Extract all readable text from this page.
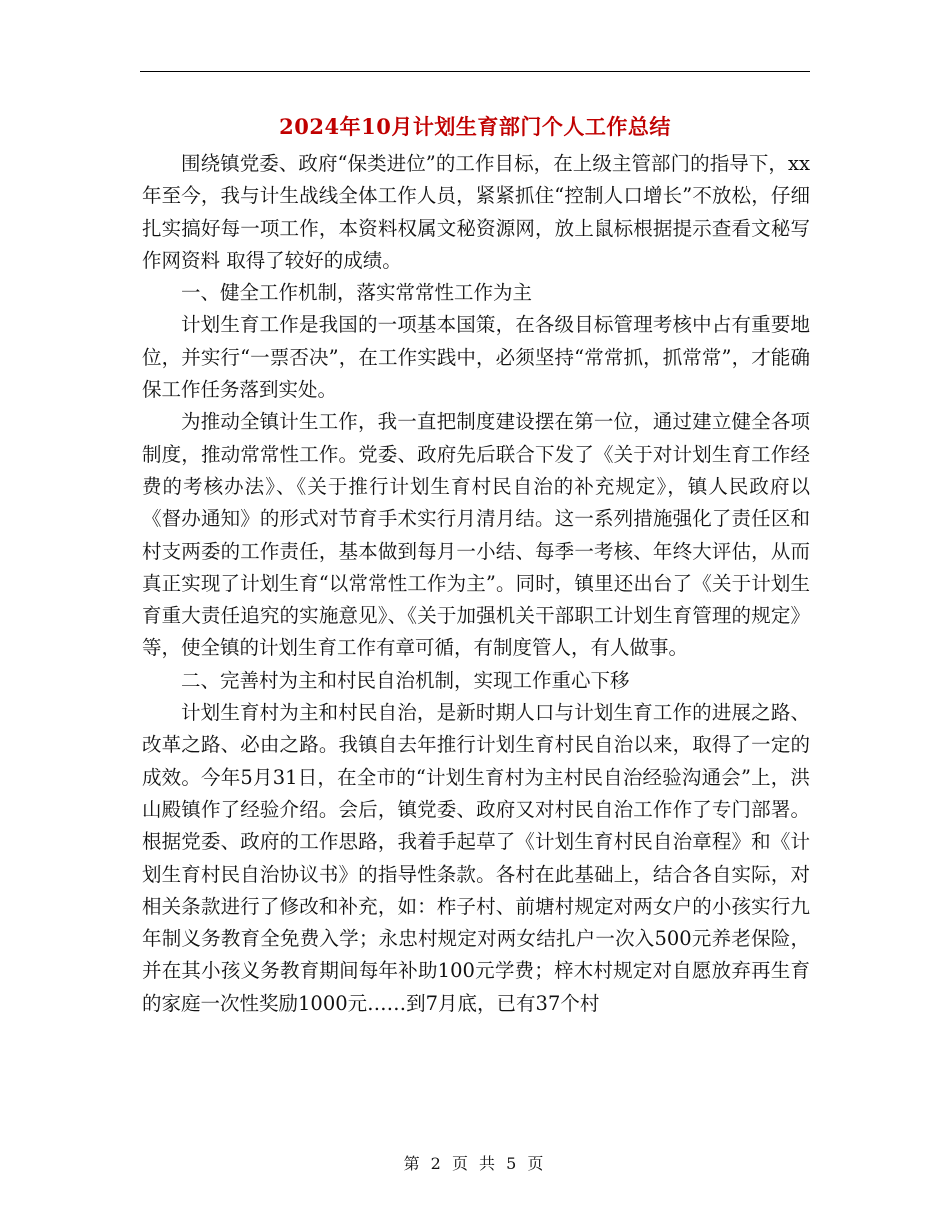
2024年10月计划生育部门个人工作总结

围绕镇党委、政府“保类进位”的工作目标，在上级主管部门的指导下，xx年至今，我与计生战线全体工作人员，紧紧抓住“控制人口增长”不放松，仔细扎实搞好每一项工作，本资料权属文秘资源网，放上鼠标根据提示查看文秘写作网资料 取得了较好的成绩。

一、健全工作机制，落实常常性工作为主

计划生育工作是我国的一项基本国策，在各级目标管理考核中占有重要地位，并实行“一票否决”，在工作实践中，必须坚持“常常抓，抓常常”，才能确保工作任务落到实处。

为推动全镇计生工作，我一直把制度建设摆在第一位，通过建立健全各项制度，推动常常性工作。党委、政府先后联合下发了《关于对计划生育工作经费的考核办法》、《关于推行计划生育村民自治的补充规定》，镇人民政府以《督办通知》的形式对节育手术实行月清月结。这一系列措施强化了责任区和村支两委的工作责任，基本做到每月一小结、每季一考核、年终大评估，从而真正实现了计划生育“以常常性工作为主”。同时，镇里还出台了《关于计划生育重大责任追究的实施意见》、《关于加强机关干部职工计划生育管理的规定》等，使全镇的计划生育工作有章可循，有制度管人，有人做事。

二、完善村为主和村民自治机制，实现工作重心下移

计划生育村为主和村民自治，是新时期人口与计划生育工作的进展之路、改革之路、必由之路。我镇自去年推行计划生育村民自治以来，取得了一定的成效。今年5月31日，在全市的“计划生育村为主村民自治经验沟通会”上，洪山殿镇作了经验介绍。会后，镇党委、政府又对村民自治工作作了专门部署。根据党委、政府的工作思路，我着手起草了《计划生育村民自治章程》和《计划生育村民自治协议书》的指导性条款。各村在此基础上，结合各自实际，对相关条款进行了修改和补充，如：柞子村、前塘村规定对两女户的小孩实行九年制义务教育全免费入学；永忠村规定对两女结扎户一次入500元养老保险，并在其小孩义务教育期间每年补助100元学费；梓木村规定对自愿放弃再生育的家庭一次性奖励1000元……到7月底，已有37个村

第 2 页 共 5 页
